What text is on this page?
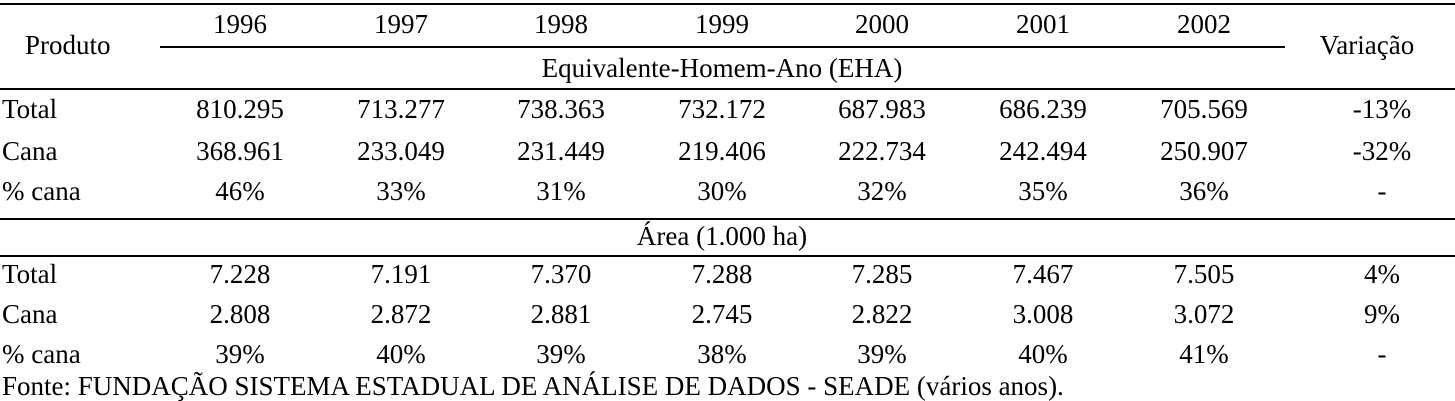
Produto
1996	1997	1998	1999	2000	2001	2002
Variação
Equivalente-Homem-Ano (EHA)
Total	810.295	713.277	738.363	732.172	687.983	686.239	705.569	-13%
Cana	368.961	233.049	231.449	219.406	222.734	242.494	250.907	-32%
% cana	46%	33%	31%	30%	32%	35%	36%	-
Área (1.000 ha)
Total	7.228	7.191	7.370	7.288	7.285	7.467	7.505	4%
Cana	2.808	2.872	2.881	2.745	2.822	3.008	3.072	9%
% cana	39%	40%	39%	38%	39%	40%	41%	-
Fonte: FUNDAÇÃO SISTEMA ESTADUAL DE ANÁLISE DE DADOS - SEADE (vários anos).
